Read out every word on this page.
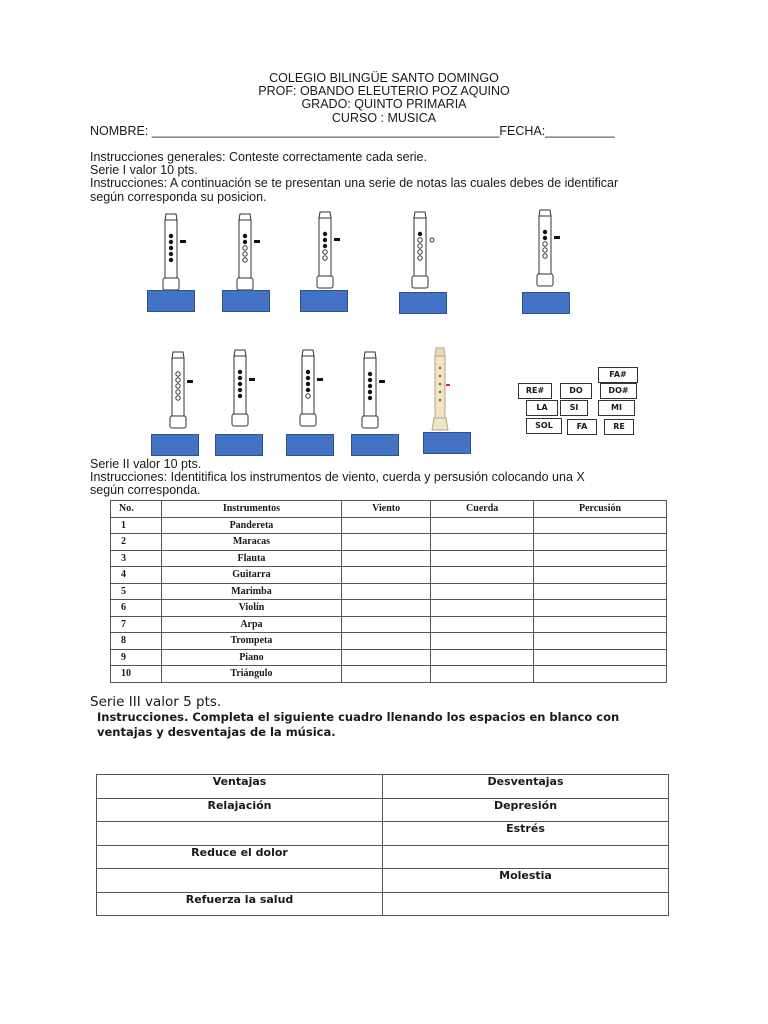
COLEGIO BILINGÜE SANTO DOMINGO
PROF: OBANDO ELEUTERIO POZ AQUINO
GRADO: QUINTO PRIMARIA
CURSO : MUSICA
NOMBRE: __________________________________________________FECHA:__________
Instrucciones generales: Conteste correctamente cada serie.
Serie I valor 10 pts.
Instrucciones: A continuación se te presentan una serie de notas las cuales debes de identificar
según corresponda su posicion.
FA#
RE#	DO	DO#
LA	SI	MI
SOL	FA	RE
Serie II valor 10 pts.
Instrucciones: Identitifica los instrumentos de viento, cuerda y persusión colocando una X
según corresponda.
No.	Instrumentos	Viento	Cuerda	Percusión
1	Pandereta			
2	Maracas			
3	Flauta			
4	Guitarra			
5	Marimba			
6	Violín			
7	Arpa			
8	Trompeta			
9	Piano			
10	Triángulo			
Serie III valor 5 pts.
Instrucciones. Completa el siguiente cuadro llenando los espacios en blanco con
ventajas y desventajas de la música.
Ventajas	Desventajas
Relajación	Depresión
	Estrés
Reduce el dolor	
	Molestia
Refuerza la salud	
